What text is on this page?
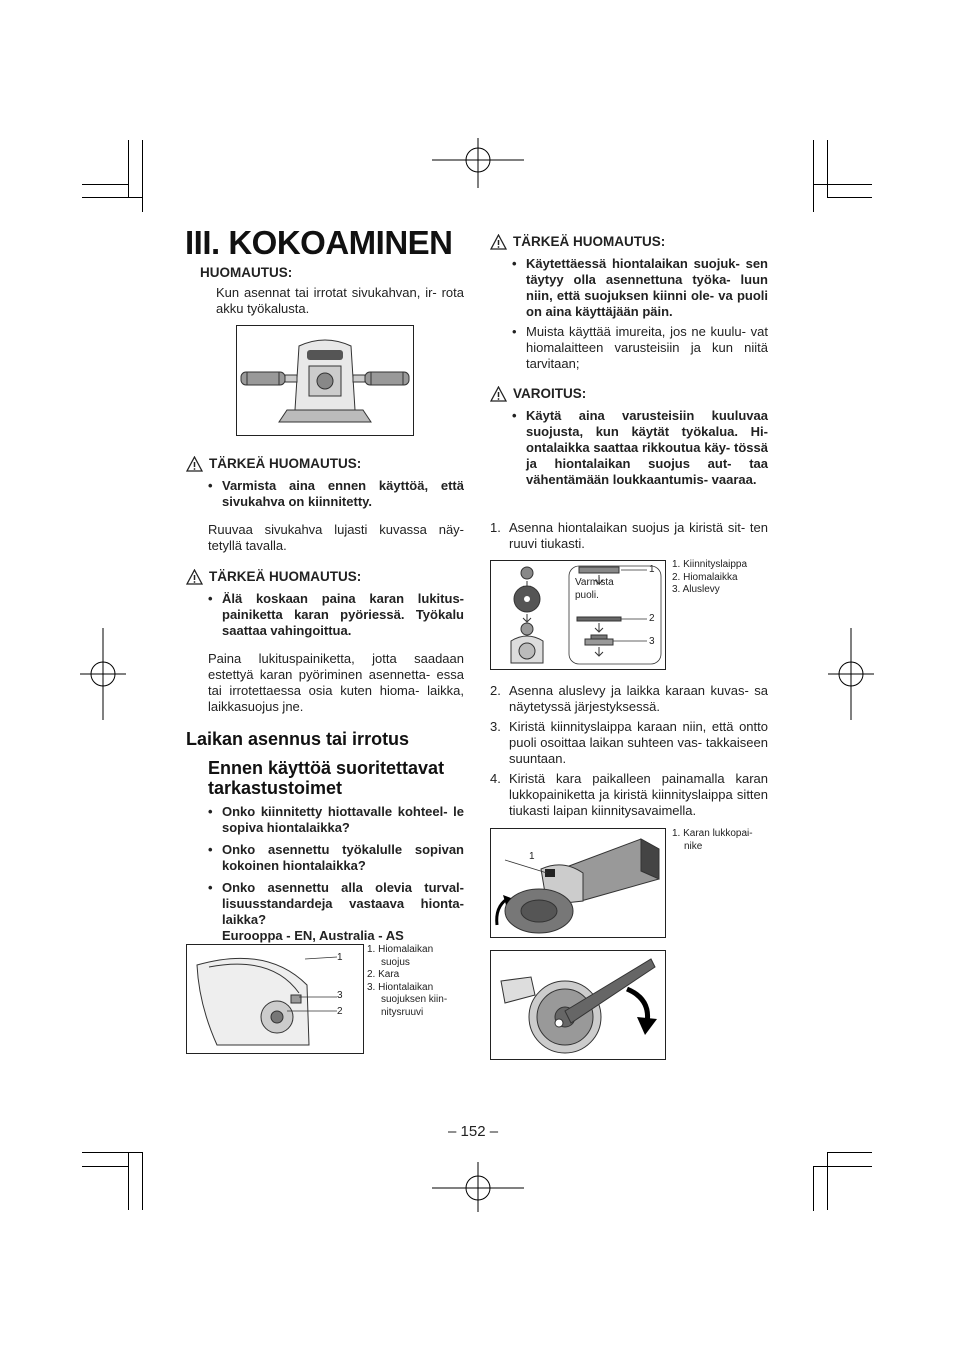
III. KOKOAMINEN
HUOMAUTUS:
Kun asennat tai irrotat sivukahvan, ir- rota akku työkalusta.
TÄRKEÄ HUOMAUTUS:
• Varmista aina ennen käyttöä, että sivukahva on kiinnitetty.
Ruuvaa sivukahva lujasti kuvassa näy- tetyllä tavalla.
TÄRKEÄ HUOMAUTUS:
• Älä koskaan paina karan lukitus- painiketta karan pyöriessä. Työkalu saattaa vahingoittua.
Paina lukituspainiketta, jotta saadaan estettyä karan pyöriminen asennetta- essa tai irrotettaessa osia kuten hioma- laikka, laikkasuojus jne.
Laikan asennus tai irrotus
Ennen käyttöä suoritettavat tarkastustoimet
• Onko kiinnitetty hiottavalle kohteel- le sopiva hiontalaikka?
• Onko asennettu työkalulle sopivan kokoinen hiontalaikka?
• Onko asennettu alla olevia turval- lisuusstandardeja vastaava hionta- laikka?
Eurooppa - EN, Australia - AS
1
3
2
1. Hiomalaikan
suojus
2. Kara
3. Hiontalaikan
suojuksen kiin-
nitysruuvi
TÄRKEÄ HUOMAUTUS:
• Käytettäessä hiontalaikan suojuk- sen täytyy olla asennettuna työka- luun niin, että suojuksen kiinni ole- va puoli on aina käyttäjään päin.
• Muista käyttää imureita, jos ne kuulu- vat hiomalaitteen varusteisiin ja kun niitä tarvitaan;
VAROITUS:
• Käytä aina varusteisiin kuuluvaa suojusta, kun käytät työkalua. Hi- ontalaikka saattaa rikkoutua käy- tössä ja hiontalaikan suojus aut- taa vähentämään loukkaantumis- vaaraa.
1. Asenna hiontalaikan suojus ja kiristä sit- ten ruuvi tiukasti.
Varmista puoli.
1
2
3
1. Kiinnityslaippa
2. Hiomalaikka
3. Aluslevy
2. Asenna aluslevy ja laikka karaan kuvas- sa näytetyssä järjestyksessä.
3. Kiristä kiinnityslaippa karaan niin, että ontto puoli osoittaa laikan suhteen vas- takkaiseen suuntaan.
4. Kiristä kara paikalleen painamalla karan lukkopainiketta ja kiristä kiinnityslaippa sitten tiukasti laipan kiinnitysavaimella.
1
1. Karan lukkopai-
nike
– 152 –
